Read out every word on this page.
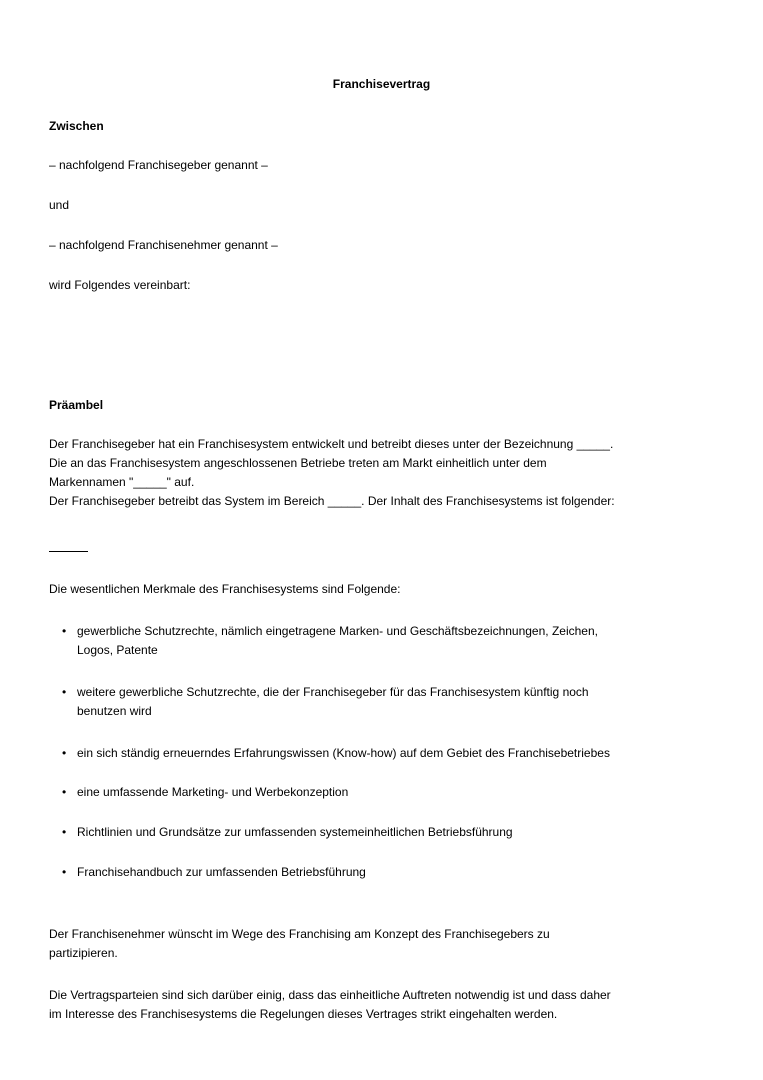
Franchisevertrag
Zwischen
– nachfolgend Franchisegeber genannt –
und
– nachfolgend Franchisenehmer genannt –
wird Folgendes vereinbart:
Präambel
Der Franchisegeber hat ein Franchisesystem entwickelt und betreibt dieses unter der Bezeichnung _____.
Die an das Franchisesystem angeschlossenen Betriebe treten am Markt einheitlich unter dem
Markennamen "_____" auf.
Der Franchisegeber betreibt das System im Bereich _____. Der Inhalt des Franchisesystems ist folgender:
Die wesentlichen Merkmale des Franchisesystems sind Folgende:
• gewerbliche Schutzrechte, nämlich eingetragene Marken- und Geschäftsbezeichnungen, Zeichen,
Logos, Patente
• weitere gewerbliche Schutzrechte, die der Franchisegeber für das Franchisesystem künftig noch
benutzen wird
• ein sich ständig erneuerndes Erfahrungswissen (Know-how) auf dem Gebiet des Franchisebetriebes
• eine umfassende Marketing- und Werbekonzeption
• Richtlinien und Grundsätze zur umfassenden systemeinheitlichen Betriebsführung
• Franchisehandbuch zur umfassenden Betriebsführung
Der Franchisenehmer wünscht im Wege des Franchising am Konzept des Franchisegebers zu
partizipieren.
Die Vertragsparteien sind sich darüber einig, dass das einheitliche Auftreten notwendig ist und dass daher
im Interesse des Franchisesystems die Regelungen dieses Vertrages strikt eingehalten werden.
